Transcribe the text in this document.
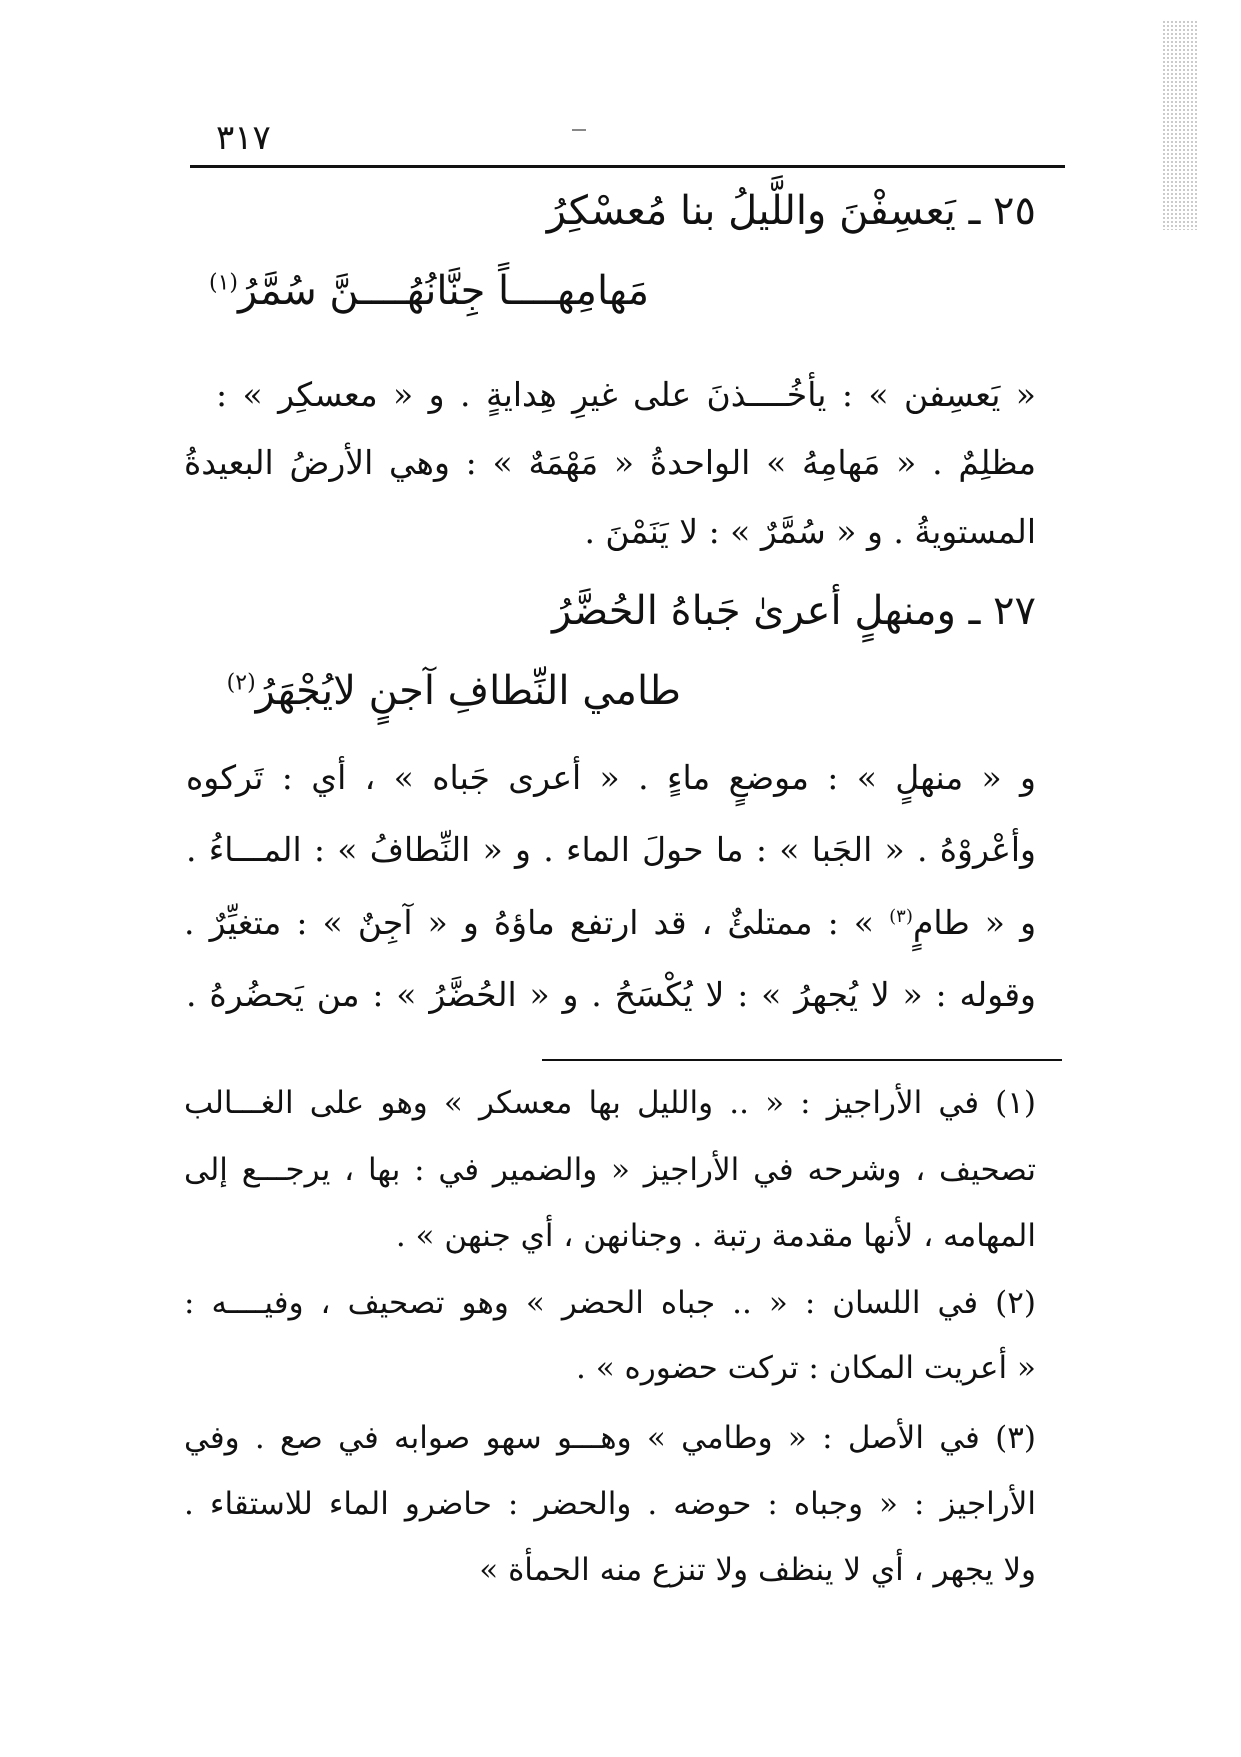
٣١٧
٢٥ ـ يَعسِفْنَ واللَّيلُ بنا مُعسْكِرُ
مَهامِهــــاً جِنَّانُهُــــنَّ سُمَّرُ$^{(١)}$
« يَعسِفن » : يأخُــــذنَ على غيرِ هِدايةٍ . و « معسكِر » :
مظلِمٌ . « مَهامِهُ » الواحدةُ « مَهْمَهٌ » : وهي الأرضُ البعيدةُ
المستويةُ . و « سُمَّرٌ » : لا يَنَمْنَ .
٢٧ ـ ومنهلٍ أعرىٰ جَباهُ الحُضَّرُ
طامي النِّطافِ آجنٍ لايُجْهَرُ$^{(٢)}$
و « منهلٍ » : موضعٍ ماءٍ . « أعرى جَباه » ، أي : تَركوه
وأعْروْهُ . « الجَبا » : ما حولَ الماء . و « النِّطافُ » : المـــاءُ .
و « طامٍ$^{(٣)}$ » : ممتلئٌ ، قد ارتفع ماؤهُ و « آجِنٌ » : متغيِّرٌ .
وقوله : « لا يُجهرُ » : لا يُكْسَحُ . و « الحُضَّرُ » : من يَحضُرهُ .
(١) في الأراجيز : « .. والليل بها معسكر » وهو على الغـــالب
تصحيف ، وشرحه في الأراجيز « والضمير في : بها ، يرجـــع إلى
المهامه ، لأنها مقدمة رتبة . وجنانهن ، أي جنهن » .
(٢) في اللسان : « .. جباه الحضر » وهو تصحيف ، وفيــــه :
« أعريت المكان : تركت حضوره » .
(٣) في الأصل : « وطامي » وهـــو سهو صوابه في صع . وفي
الأراجيز : « وجباه : حوضه . والحضر : حاضرو الماء للاستقاء .
ولا يجهر ، أي لا ينظف ولا تنزع منه الحمأة »
